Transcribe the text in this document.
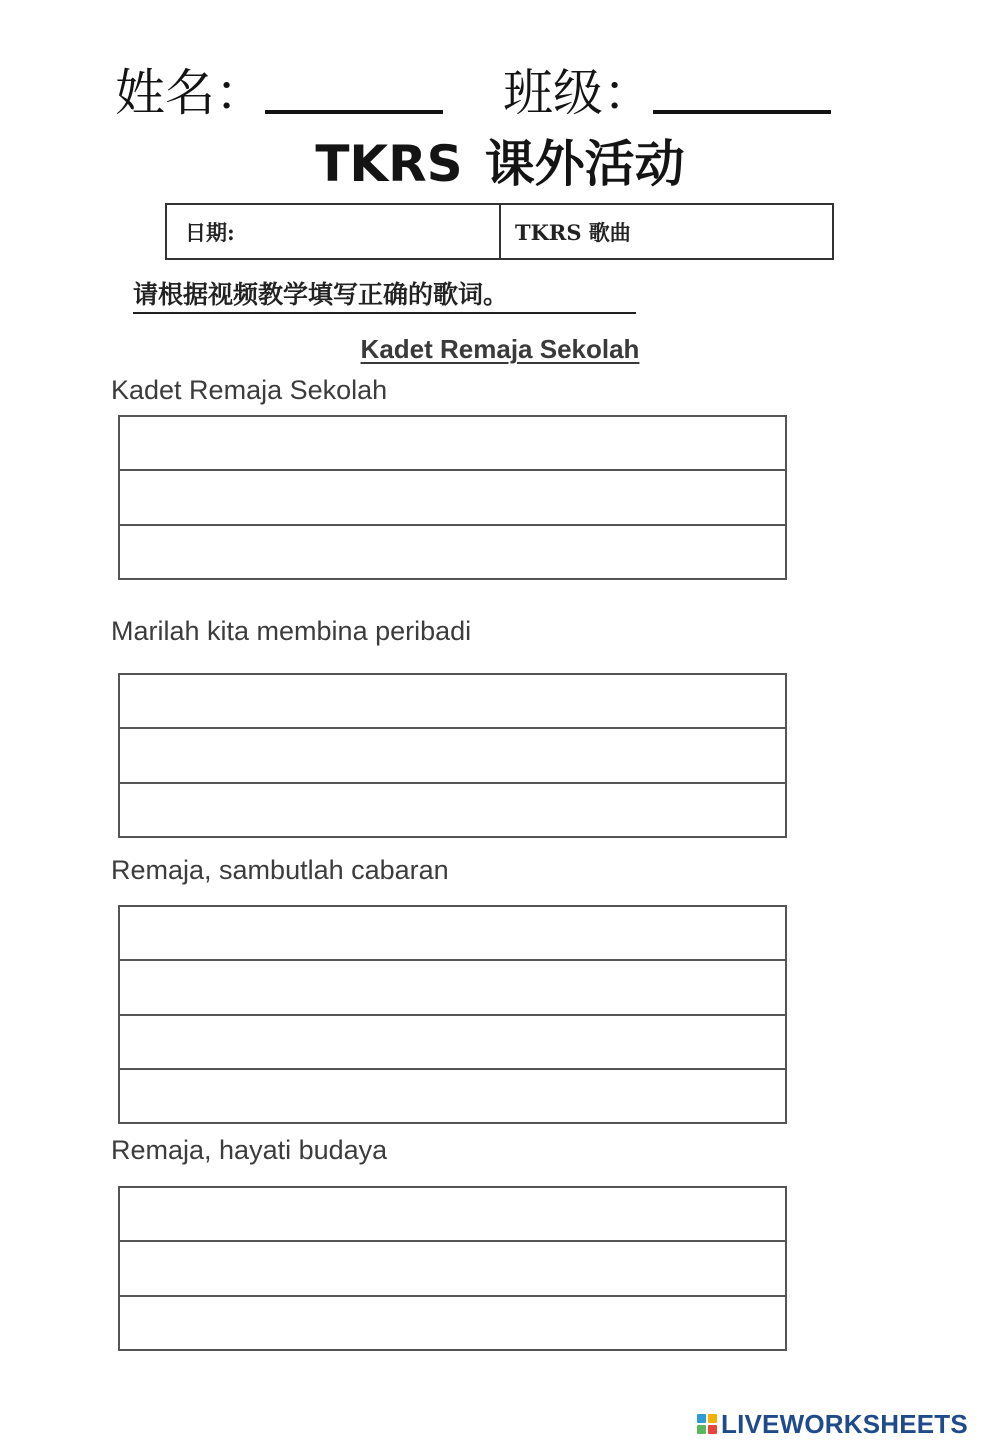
姓名：	班级：
TKRS 课外活动
日期:	TKRS 歌曲
请根据视频教学填写正确的歌词。
Kadet Remaja Sekolah
Kadet Remaja Sekolah
Marilah kita membina peribadi
Remaja, sambutlah cabaran
Remaja, hayati budaya
LIVEWORKSHEETS
